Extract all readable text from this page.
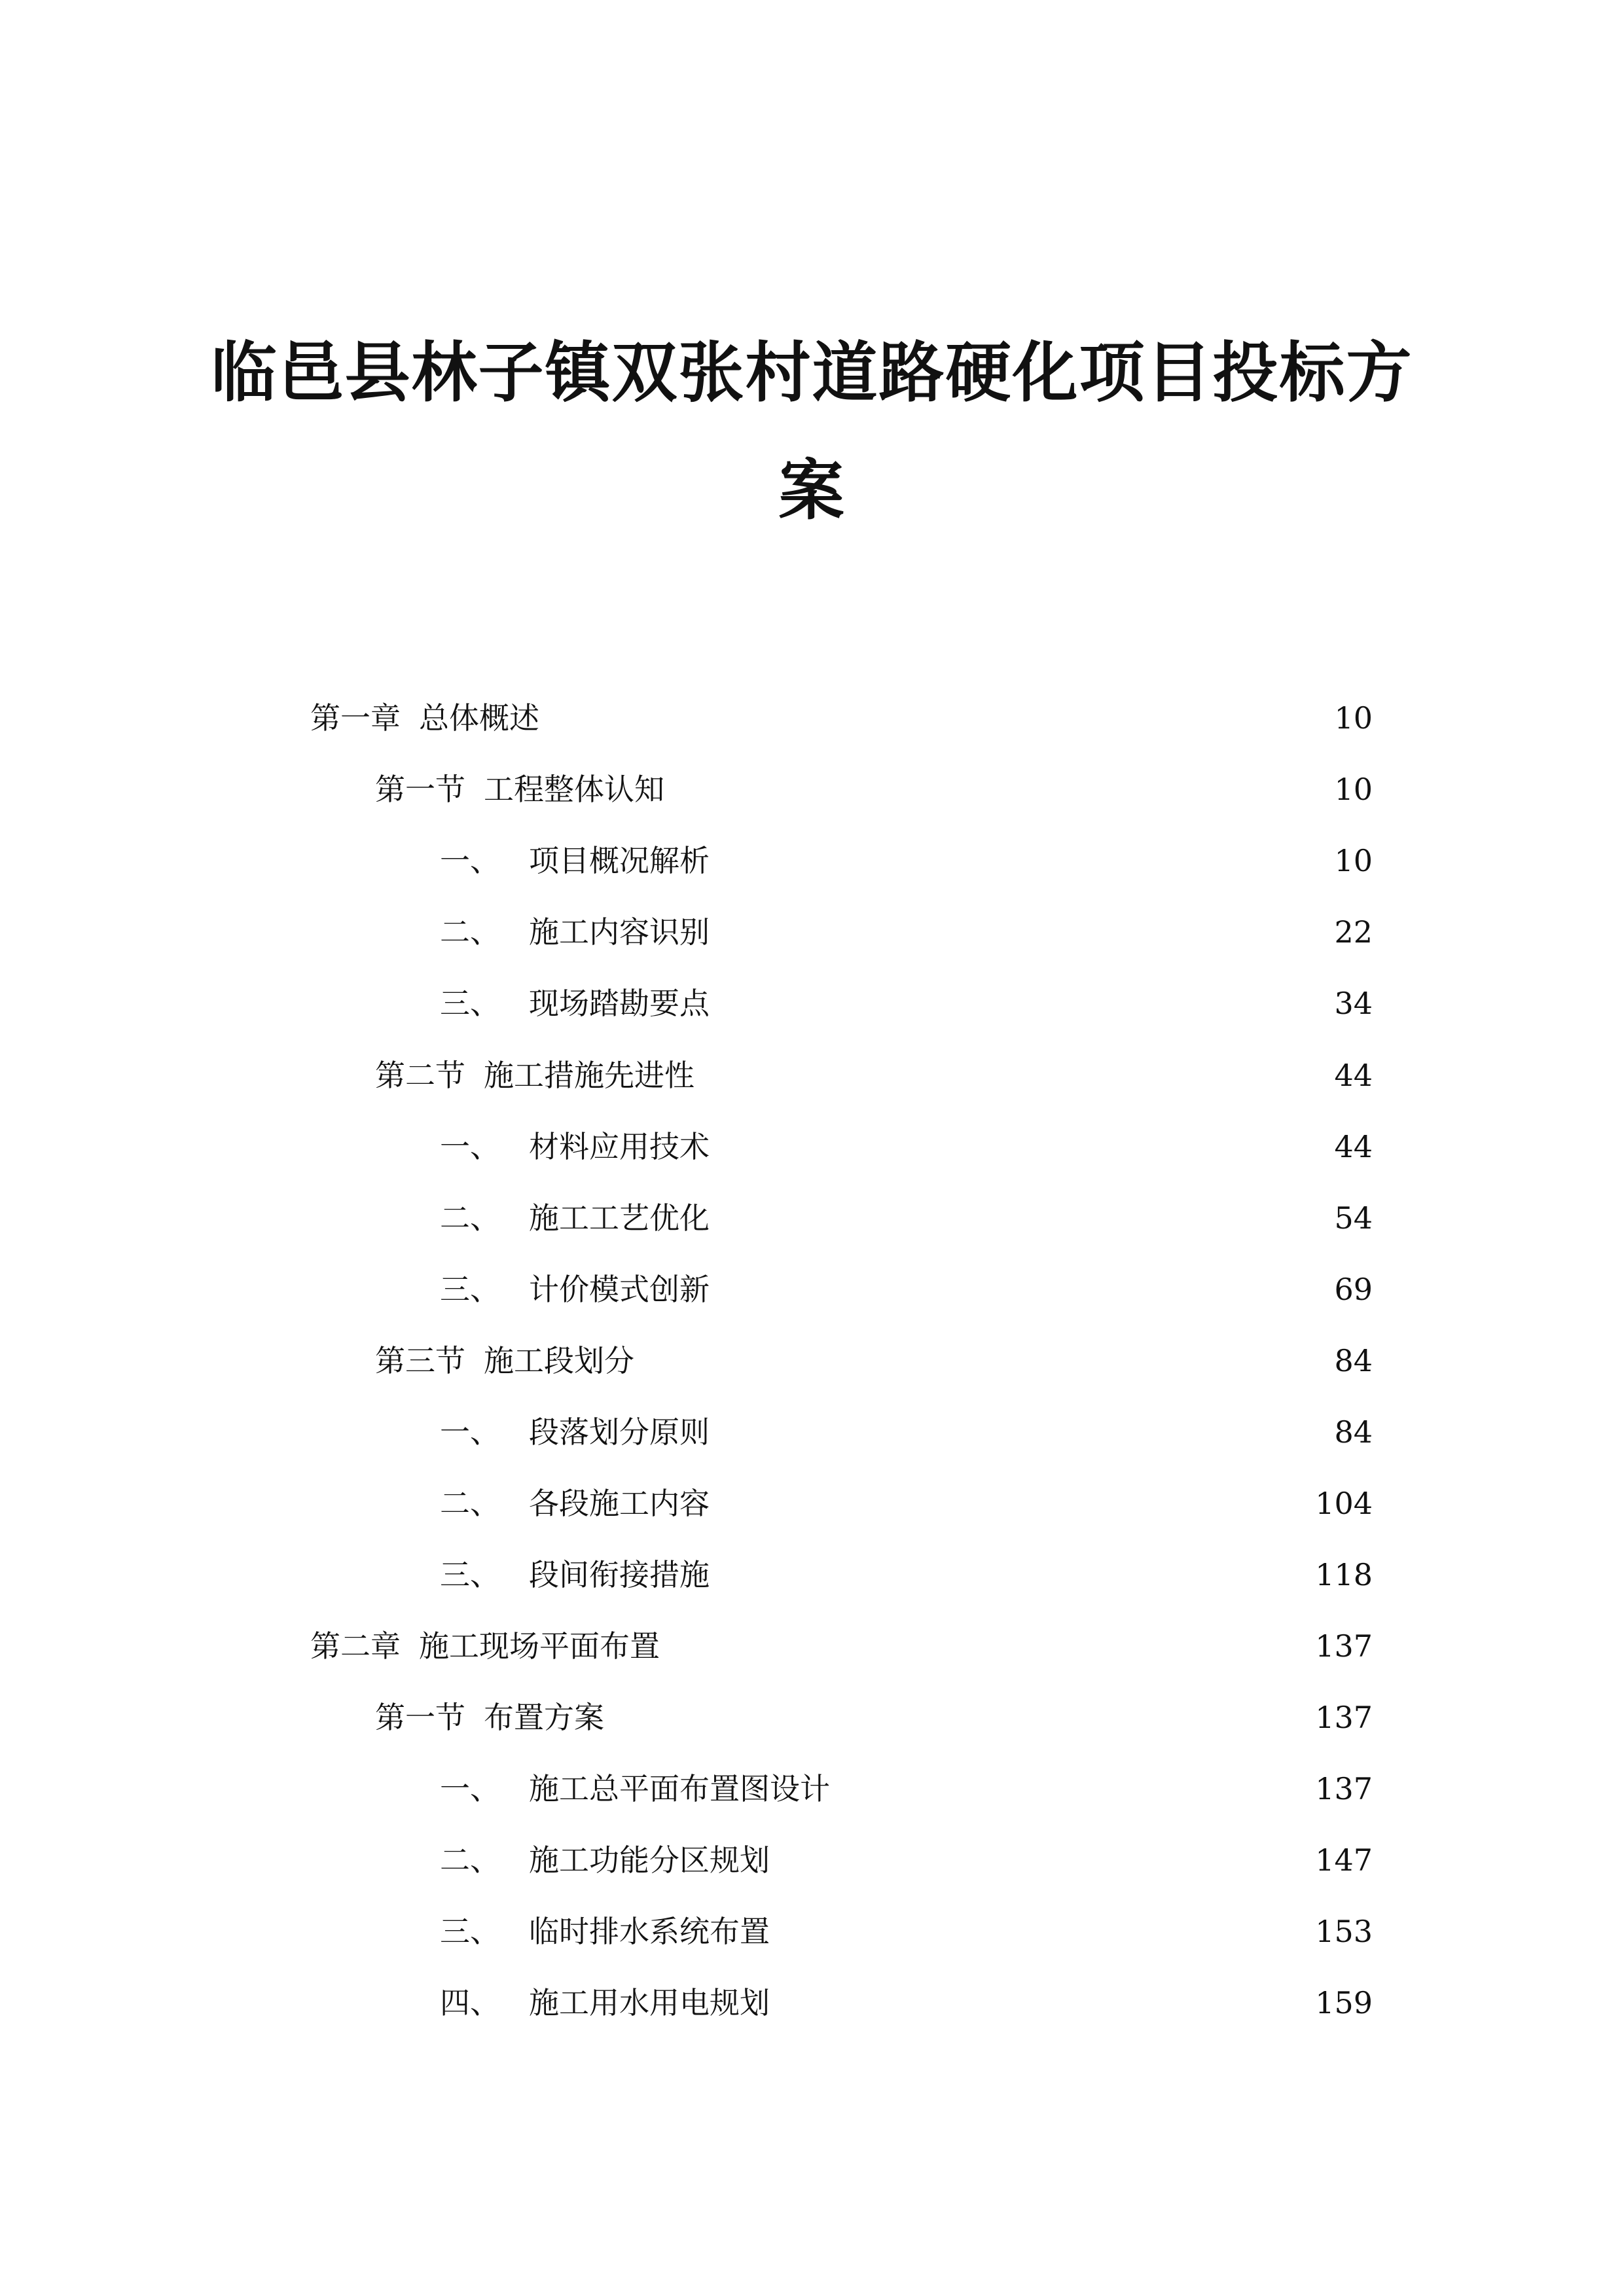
临邑县林子镇双张村道路硬化项目投标方
案
第一章 总体概述	10
第一节 工程整体认知	10
一、 项目概况解析	10
二、 施工内容识别	22
三、 现场踏勘要点	34
第二节 施工措施先进性	44
一、 材料应用技术	44
二、 施工工艺优化	54
三、 计价模式创新	69
第三节 施工段划分	84
一、 段落划分原则	84
二、 各段施工内容	104
三、 段间衔接措施	118
第二章 施工现场平面布置	137
第一节 布置方案	137
一、 施工总平面布置图设计	137
二、 施工功能分区规划	147
三、 临时排水系统布置	153
四、 施工用水用电规划	159
